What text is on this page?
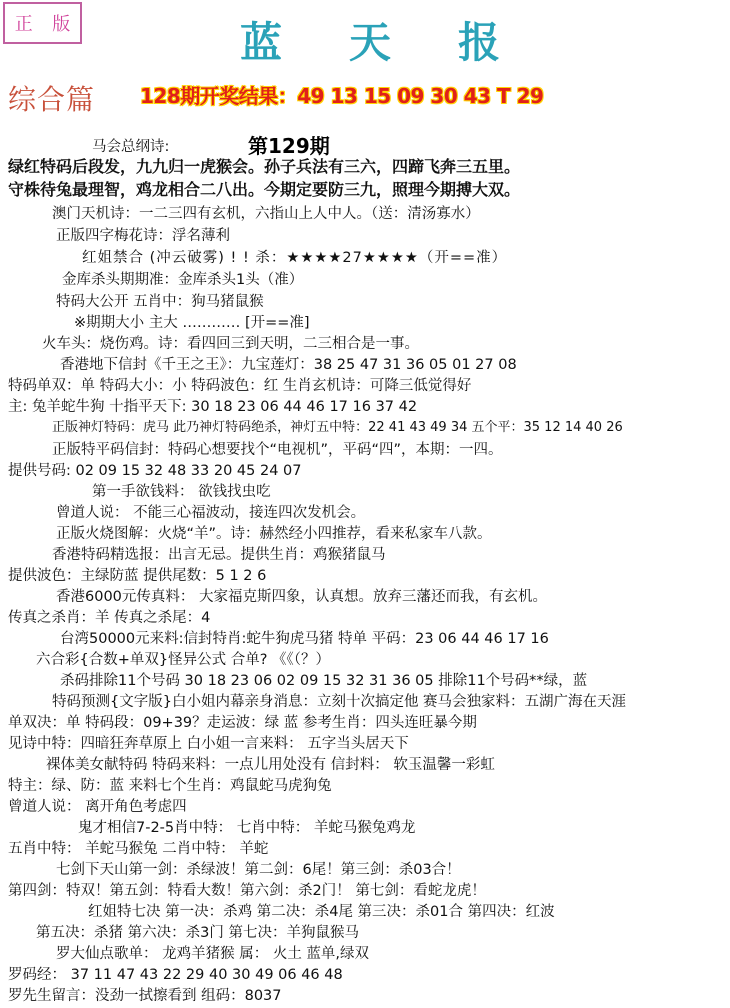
正 版	蓝 天 报
综合篇 128期开奖结果：49 13 15 09 30 43 T 29
第129期
马会总纲诗:
绿红特码后段发，九九归一虎猴会。孙子兵法有三六，四蹄飞奔三五里。
守株待兔最理智，鸡龙相合二八出。今期定要防三九，照理今期搏大双。
澳门天机诗：一二三四有玄机，六指山上人中人。（送：清汤寡水）
正版四字梅花诗：浮名薄利
红姐禁合 (冲云破雾) ! ! 杀：★★★★27★★★★（开==准）
金库杀头期期准：金库杀头1头（准）
特码大公开 五肖中：狗马猪鼠猴
※期期大小 主大 ………… [开==准]
火车头：烧伤鸡。诗：看四回三到天明，二三相合是一事。
香港地下信封《千王之王》：九宝莲灯：38 25 47 31 36 05 01 27 08
特码单双：单 特码大小：小 特码波色：红 生肖玄机诗：可降三低觉得好
主: 兔羊蛇牛狗 十指平天下: 30 18 23 06 44 46 17 16 37 42
正版神灯特码：虎马 此乃神灯特码绝杀，神灯五中特：22 41 43 49 34 五个平：35 12 14 40 26
正版特平码信封：特码心想要找个“电视机”，平码“四”，本期：一四。
提供号码: 02 09 15 32 48 33 20 45 24 07
第一手欲钱料： 欲钱找虫吃
曾道人说： 不能三心福波动，接连四次发机会。
正版火烧图解：火烧“羊”。诗：赫然经小四推荐，看来私家车八款。
香港特码精选报：出言无忌。提供生肖：鸡猴猪鼠马
提供波色：主绿防蓝 提供尾数：5 1 2 6
香港6000元传真料： 大家福克斯四象，认真想。放弃三藩还而我，有玄机。
传真之杀肖：羊 传真之杀尾：4
台湾50000元来料:信封特肖:蛇牛狗虎马猪 特单 平码：23 06 44 46 17 16
六合彩{合数+单双}怪异公式 合单? 《《（？）
杀码排除11个号码 30 18 23 06 02 09 15 32 31 36 05 排除11个号码**绿，蓝
特码预测{文字版}白小姐内幕亲身消息：立刻十次搞定他 赛马会独家料：五湖广海在天涯
单双决：单 特码段：09+39？走运波：绿 蓝 参考生肖：四头连旺暴今期
见诗中特：四暗狂奔草原上 白小姐一言来料： 五字当头居天下
裸体美女献特码 特码来料：一点儿用处没有 信封料： 软玉温馨一彩虹
特主：绿、防：蓝 来料七个生肖：鸡鼠蛇马虎狗兔
曾道人说： 离开角色考虑四
鬼才相信7-2-5肖中特： 七肖中特： 羊蛇马猴兔鸡龙
五肖中特： 羊蛇马猴兔 二肖中特： 羊蛇
七剑下天山第一剑：杀绿波！第二剑：6尾！第三剑：杀03合！
第四剑：特双！第五剑：特看大数！第六剑：杀2门！ 第七剑：看蛇龙虎！
红姐特七决 第一决：杀鸡 第二决：杀4尾 第三决：杀01合 第四决：红波
第五决：杀猪 第六决：杀3门 第七决：羊狗鼠猴马
罗大仙点歌单： 龙鸡羊猪猴 属： 火土 蓝单,绿双
罗码经： 37 11 47 43 22 29 40 30 49 06 46 48
罗先生留言：没劲一拭擦看到 组码：8037
